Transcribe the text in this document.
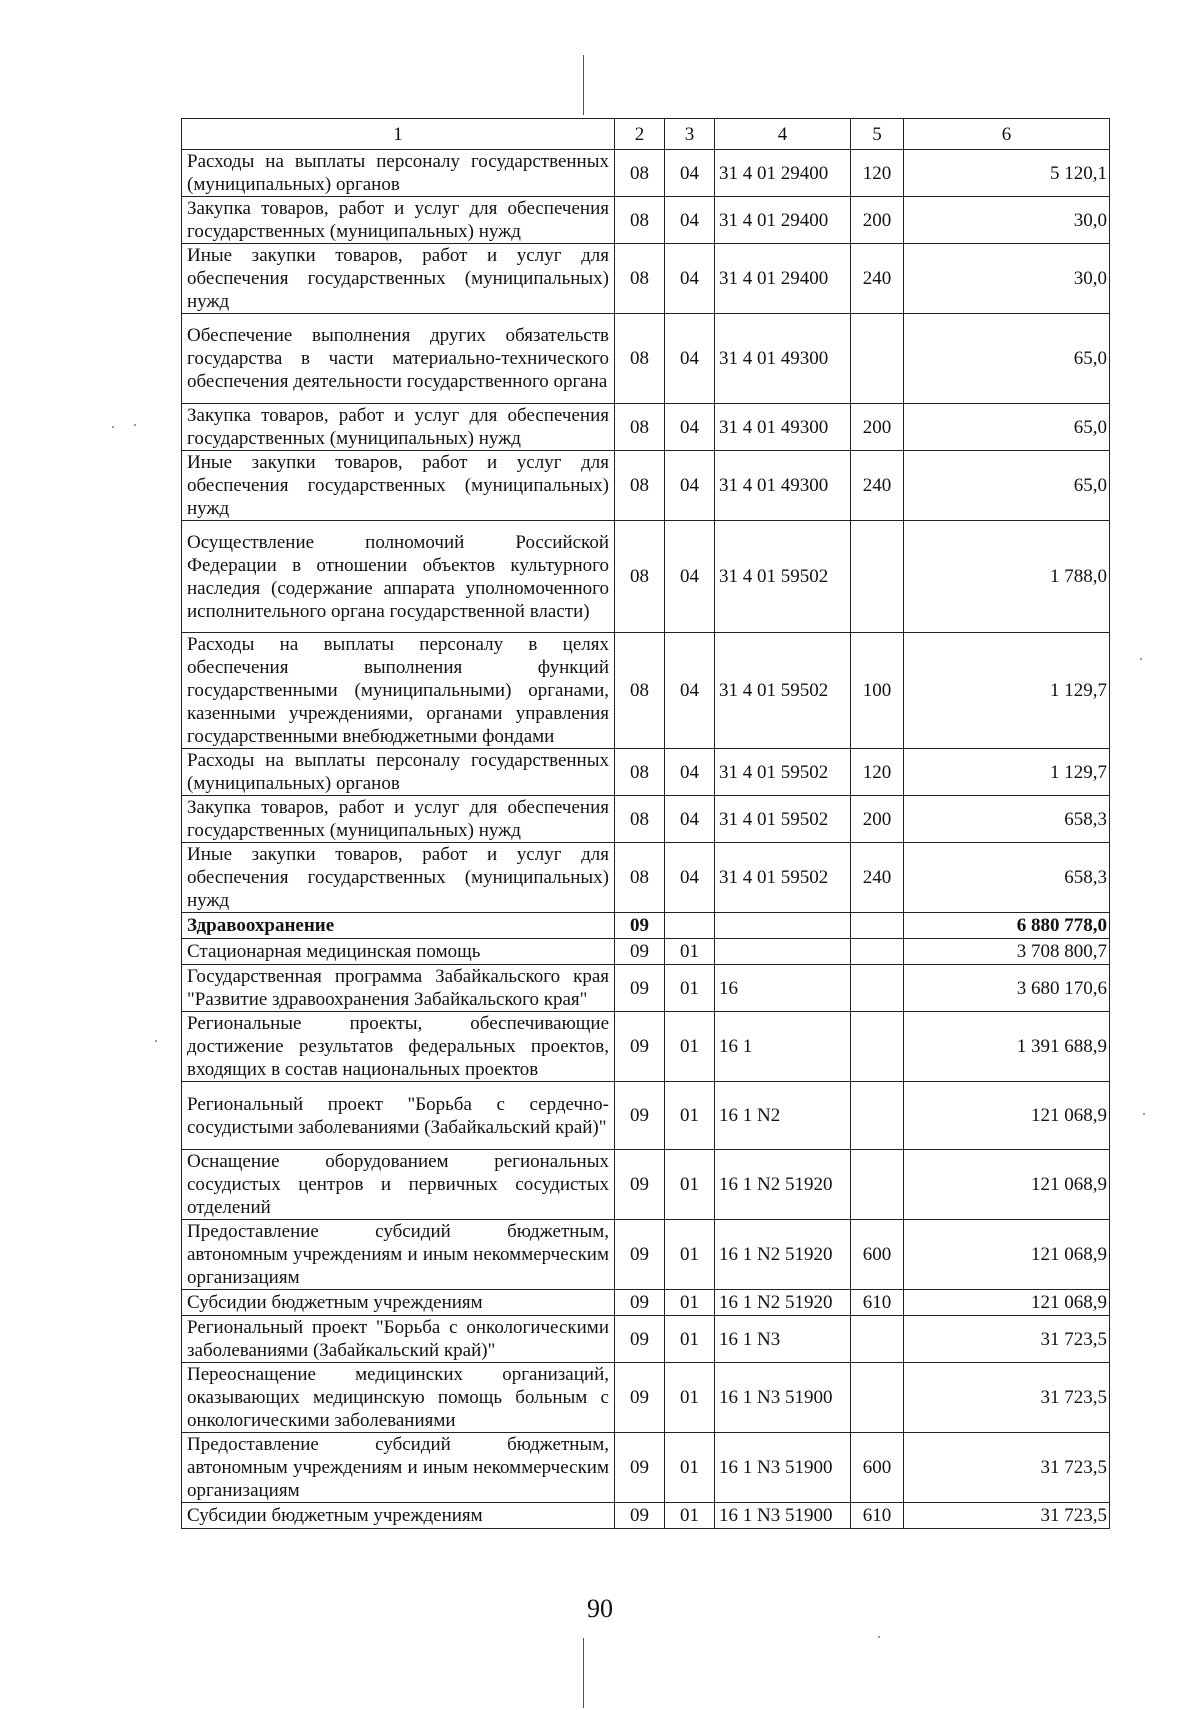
1	2	3	4	5	6
Расходы на выплаты персоналу государственных (муниципальных) органов	08	04	31 4 01 29400	120	5 120,1
Закупка товаров, работ и услуг для обеспечения государственных (муниципальных) нужд	08	04	31 4 01 29400	200	30,0
Иные закупки товаров, работ и услуг для обеспечения государственных (муниципальных) нужд	08	04	31 4 01 29400	240	30,0
Обеспечение выполнения других обязательств государства в части материально-технического обеспечения деятельности государственного органа	08	04	31 4 01 49300		65,0
Закупка товаров, работ и услуг для обеспечения государственных (муниципальных) нужд	08	04	31 4 01 49300	200	65,0
Иные закупки товаров, работ и услуг для обеспечения государственных (муниципальных) нужд	08	04	31 4 01 49300	240	65,0
Осуществление полномочий Российской Федерации в отношении объектов культурного наследия (содержание аппарата уполномоченного исполнительного органа государственной власти)	08	04	31 4 01 59502		1 788,0
Расходы на выплаты персоналу в целях обеспечения выполнения функций государственными (муниципальными) органами, казенными учреждениями, органами управления государственными внебюджетными фондами	08	04	31 4 01 59502	100	1 129,7
Расходы на выплаты персоналу государственных (муниципальных) органов	08	04	31 4 01 59502	120	1 129,7
Закупка товаров, работ и услуг для обеспечения государственных (муниципальных) нужд	08	04	31 4 01 59502	200	658,3
Иные закупки товаров, работ и услуг для обеспечения государственных (муниципальных) нужд	08	04	31 4 01 59502	240	658,3
Здравоохранение	09				6 880 778,0
Стационарная медицинская помощь	09	01			3 708 800,7
Государственная программа Забайкальского края "Развитие здравоохранения Забайкальского края"	09	01	16		3 680 170,6
Региональные проекты, обеспечивающие достижение результатов федеральных проектов, входящих в состав национальных проектов	09	01	16 1		1 391 688,9
Региональный проект "Борьба с сердечно-сосудистыми заболеваниями (Забайкальский край)"	09	01	16 1 N2		121 068,9
Оснащение оборудованием региональных сосудистых центров и первичных сосудистых отделений	09	01	16 1 N2 51920		121 068,9
Предоставление субсидий бюджетным, автономным учреждениям и иным некоммерческим организациям	09	01	16 1 N2 51920	600	121 068,9
Субсидии бюджетным учреждениям	09	01	16 1 N2 51920	610	121 068,9
Региональный проект "Борьба с онкологическими заболеваниями (Забайкальский край)"	09	01	16 1 N3		31 723,5
Переоснащение медицинских организаций, оказывающих медицинскую помощь больным с онкологическими заболеваниями	09	01	16 1 N3 51900		31 723,5
Предоставление субсидий бюджетным, автономным учреждениям и иным некоммерческим организациям	09	01	16 1 N3 51900	600	31 723,5
Субсидии бюджетным учреждениям	09	01	16 1 N3 51900	610	31 723,5
90
